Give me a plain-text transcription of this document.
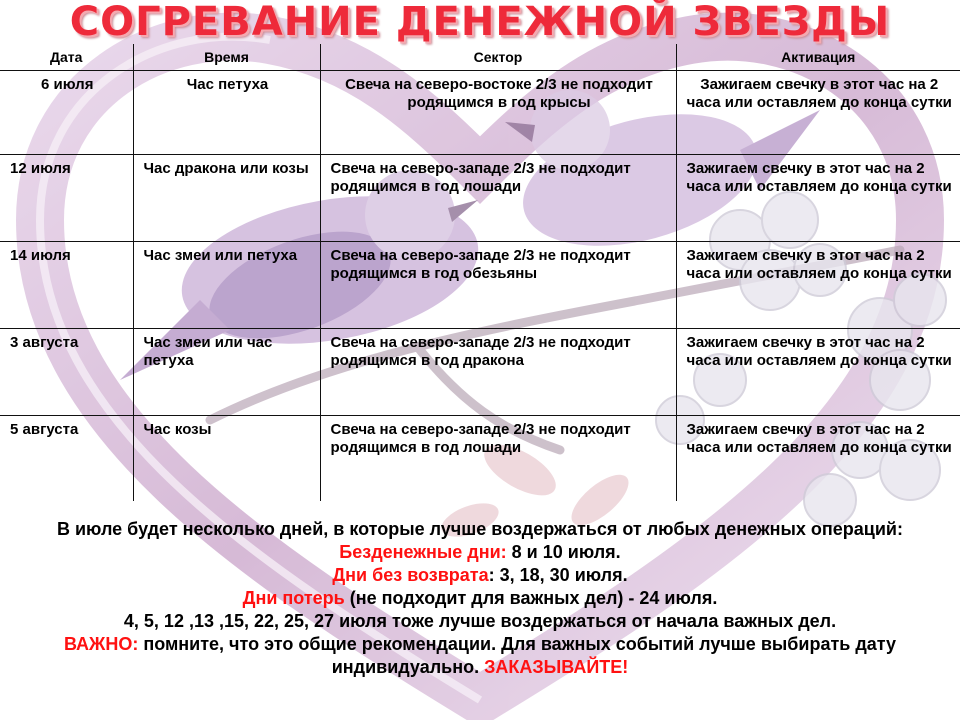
СОГРЕВАНИЕ ДЕНЕЖНОЙ ЗВЕЗДЫ
Дата	Время	Сектор	Активация
6 июля	Час петуха	Свеча на северо-востоке 2/3 не подходит родящимся в год крысы	Зажигаем свечку в этот час на 2 часа или оставляем до конца сутки
12 июля	Час дракона или козы	Свеча на северо-западе 2/3 не подходит родящимся в год лошади	Зажигаем свечку в этот час на 2 часа или оставляем до конца сутки
14 июля	Час змеи или петуха	Свеча на северо-западе 2/3 не подходит родящимся в год обезьяны	Зажигаем свечку в этот час на 2 часа или оставляем до конца сутки
3 августа	Час змеи или час петуха	Свеча на северо-западе 2/3 не подходит родящимся в год дракона	Зажигаем свечку в этот час на 2 часа или оставляем до конца сутки
5 августа	Час козы	Свеча на северо-западе 2/3 не подходит родящимся в год лошади	Зажигаем свечку в этот час на 2 часа или оставляем до конца сутки
В июле будет несколько дней, в которые лучше воздержаться от любых денежных операций:
Безденежные дни: 8 и 10 июля.
Дни без возврата: 3, 18, 30 июля.
Дни потерь (не подходит для важных дел) - 24 июля.
4, 5, 12 ,13 ,15, 22, 25, 27 июля тоже лучше воздержаться от начала важных дел.
ВАЖНО: помните, что это общие рекомендации. Для важных событий лучше выбирать дату индивидуально. ЗАКАЗЫВАЙТЕ!
